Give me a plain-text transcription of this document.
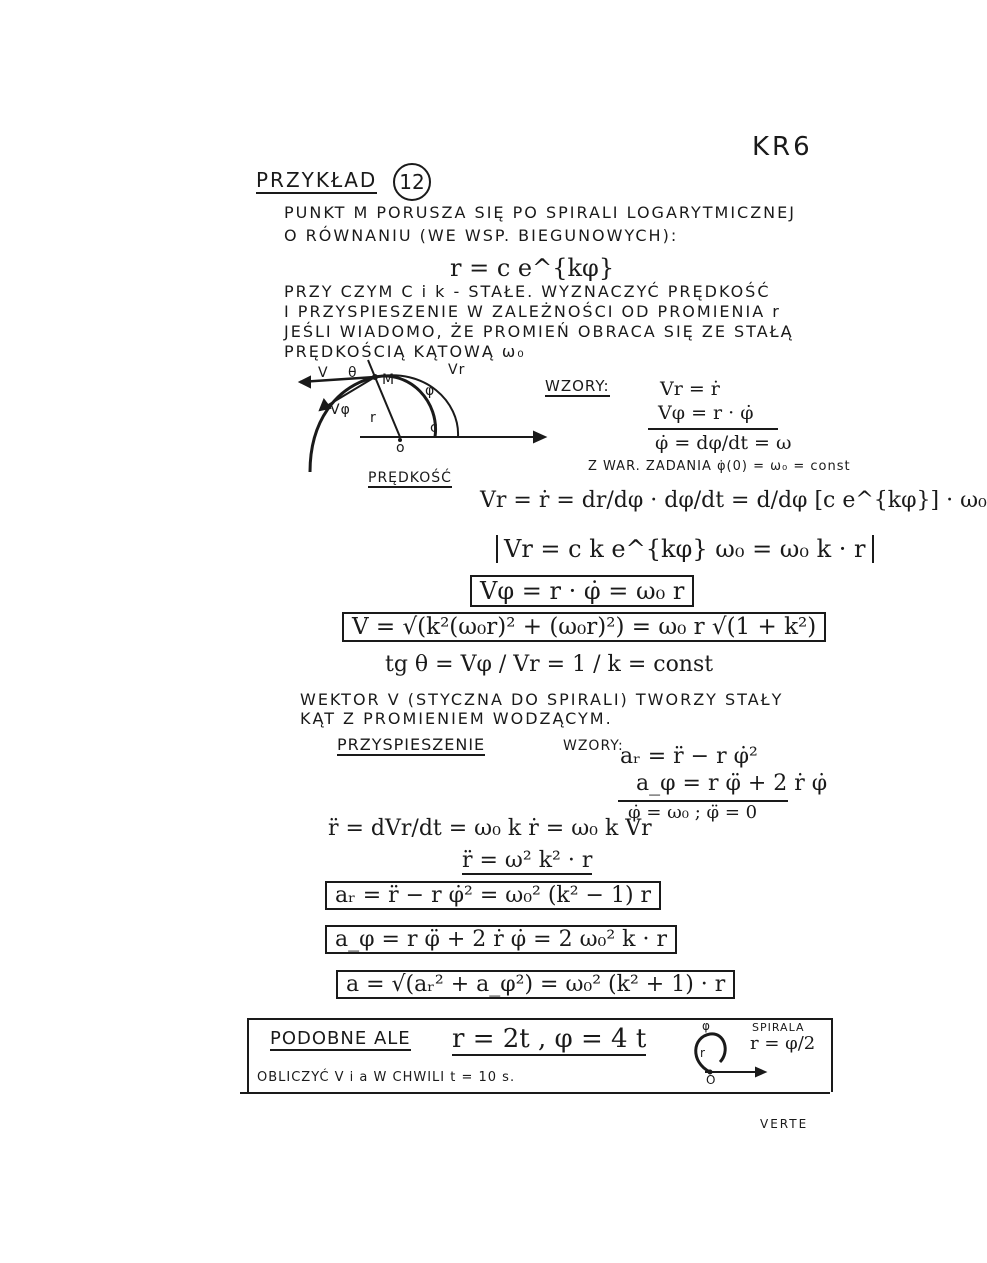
KR6
PRZYKŁAD 12
PUNKT M PORUSZA SIĘ PO SPIRALI LOGARYTMICZNEJ
O RÓWNANIU (WE WSP. BIEGUNOWYCH):
r = c e^{kφ}
PRZY CZYM C i k - STAŁE. WYZNACZYĆ PRĘDKOŚĆ
I PRZYSPIESZENIE W ZALEŻNOŚCI OD PROMIENIA r
JEŚLI WIADOMO, ŻE PROMIEŃ OBRACA SIĘ ZE STAŁĄ
PRĘDKOŚCIĄ KĄTOWĄ ω₀
V θ M
Vr
Vφ
φ
r
c
o
WZORY:	Vr = ṙ
Vφ = r · φ̇
φ̇ = dφ/dt = ω
Z WAR. ZADANIA φ̇(0) = ω₀ = const
PRĘDKOŚĆ
Vr = ṙ = dr/dφ · dφ/dt = d/dφ [c e^{kφ}] · ω₀
Vr = c k e^{kφ} ω₀ = ω₀ k · r
Vφ = r · φ̇ = ω₀ r
V = √(k²(ω₀r)² + (ω₀r)²) = ω₀ r √(1 + k²)
tg θ = Vφ / Vr = 1 / k = const
WEKTOR V (STYCZNA DO SPIRALI) TWORZY STAŁY
KĄT Z PROMIENIEM WODZĄCYM.
PRZYSPIESZENIE	WZORY:
aᵣ = r̈ − r φ̇²
a_φ = r φ̈ + 2 ṙ φ̇
φ̇ = ω₀ ; φ̈ = 0
r̈ = dVr/dt = ω₀ k ṙ = ω₀ k Vr
r̈ = ω² k² · r
aᵣ = r̈ − r φ̇² = ω₀² (k² − 1) r
a_φ = r φ̈ + 2 ṙ φ̇ = 2 ω₀² k · r
a = √(aᵣ² + a_φ²) = ω₀² (k² + 1) · r
PODOBNE ALE r = 2t , φ = 4 t
OBLICZYĆ V i a W CHWILI t = 10 s.
φ
r
SPIRALA
r = φ/2
O
VERTE
